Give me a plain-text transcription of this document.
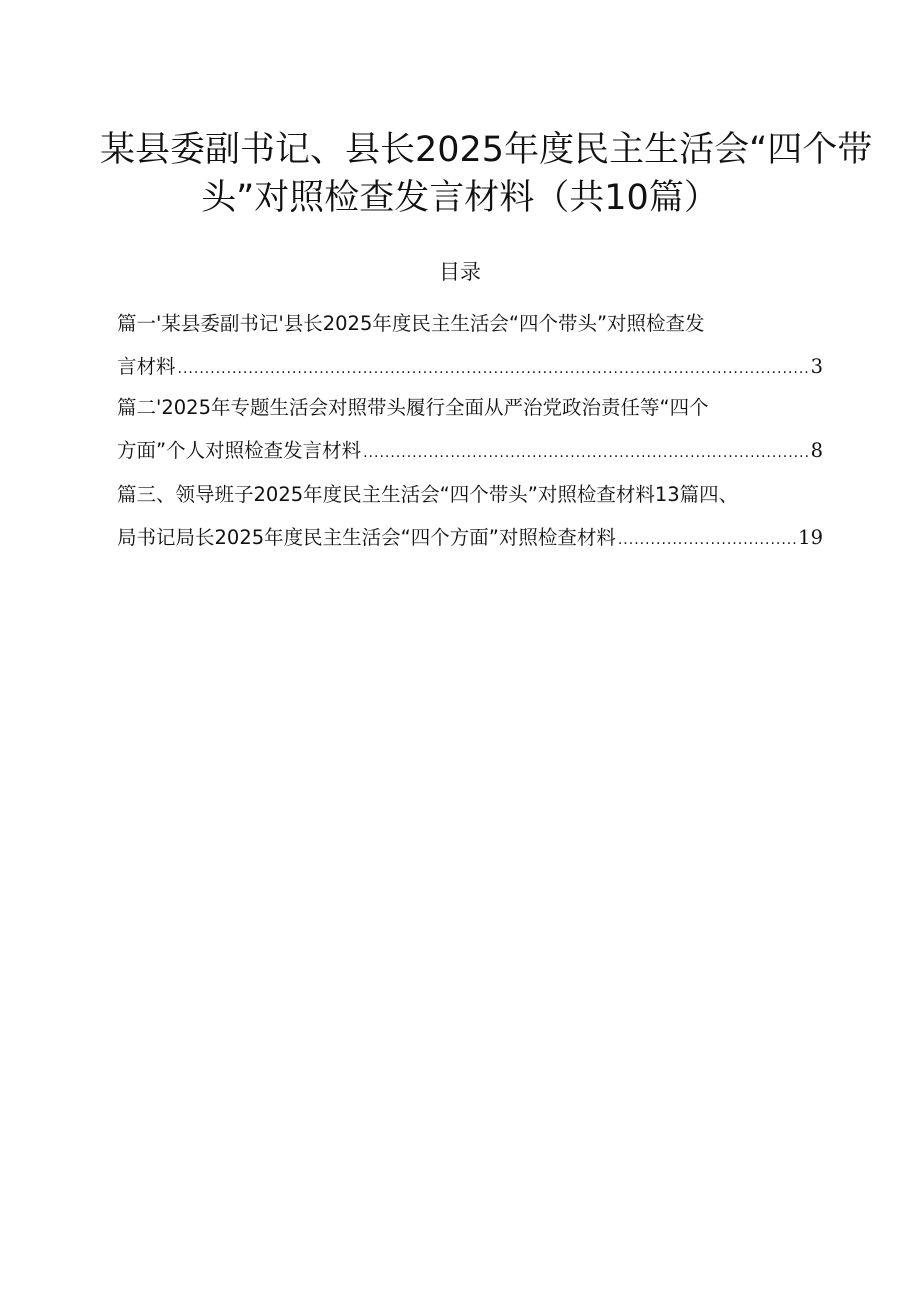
某县委副书记、县长2025年度民主生活会“四个带
头”对照检查发言材料（共10篇）
目录
篇一'某县委副书记'县长2025年度民主生活会“四个带头”对照检查发
言材料 .....	3
篇二'2025年专题生活会对照带头履行全面从严治党政治责任等“四个
方面”个人对照检查发言材料 .....	8
篇三、领导班子2025年度民主生活会“四个带头”对照检查材料13篇四、
局书记局长2025年度民主生活会“四个方面”对照检查材料 .....	19
